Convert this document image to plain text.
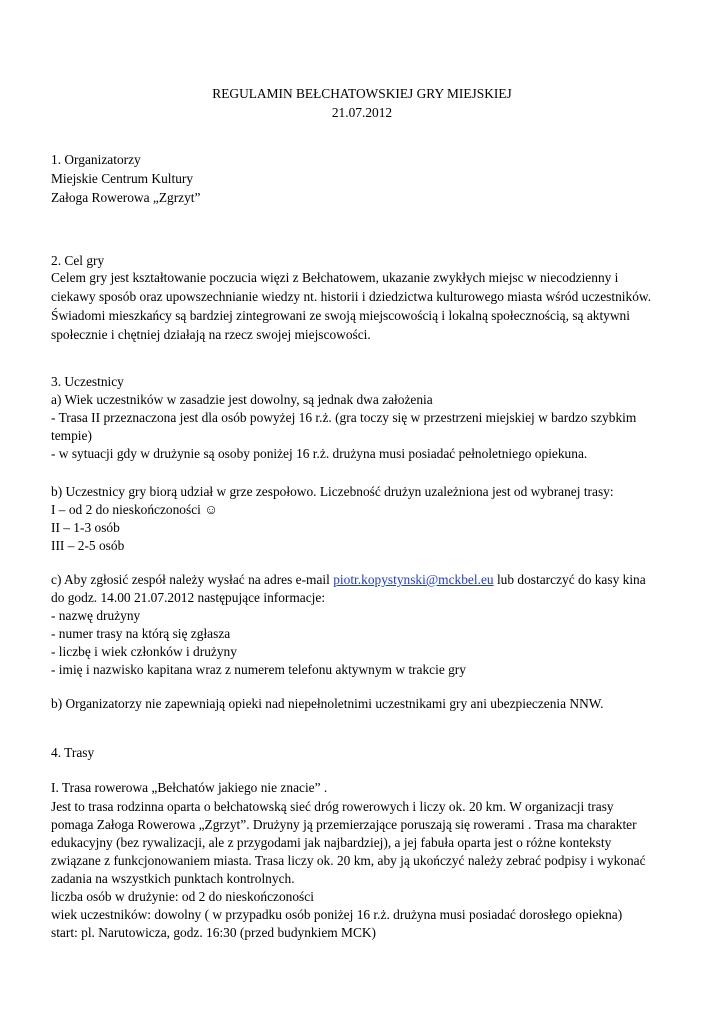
REGULAMIN BEŁCHATOWSKIEJ GRY MIEJSKIEJ
21.07.2012
1. Organizatorzy
Miejskie Centrum Kultury
Załoga Rowerowa „Zgrzyt”
2. Cel gry
Celem gry jest kształtowanie poczucia więzi z Bełchatowem, ukazanie zwykłych miejsc w niecodzienny i
ciekawy sposób oraz upowszechnianie wiedzy nt. historii i dziedzictwa kulturowego miasta wśród uczestników.
Świadomi mieszkańcy są bardziej zintegrowani ze swoją miejscowością i lokalną społecznością, są aktywni
społecznie i chętniej działają na rzecz swojej miejscowości.
3. Uczestnicy
a) Wiek uczestników w zasadzie jest dowolny, są jednak dwa założenia
- Trasa II przeznaczona jest dla osób powyżej 16 r.ż. (gra toczy się w przestrzeni miejskiej w bardzo szybkim
tempie)
- w sytuacji gdy w drużynie są osoby poniżej 16 r.ż. drużyna musi posiadać pełnoletniego opiekuna.
b) Uczestnicy gry biorą udział w grze zespołowo. Liczebność drużyn uzależniona jest od wybranej trasy:
I – od 2 do nieskończoności ☺
II – 1-3 osób
III – 2-5 osób
c) Aby zgłosić zespół należy wysłać na adres e-mail piotr.kopystynski@mckbel.eu lub dostarczyć do kasy kina
do godz. 14.00 21.07.2012 następujące informacje:
- nazwę drużyny
- numer trasy na którą się zgłasza
- liczbę i wiek członków i drużyny
- imię i nazwisko kapitana wraz z numerem telefonu aktywnym w trakcie gry
b) Organizatorzy nie zapewniają opieki nad niepełnoletnimi uczestnikami gry ani ubezpieczenia NNW.
4. Trasy
I. Trasa rowerowa „Bełchatów jakiego nie znacie” .
Jest to trasa rodzinna oparta o bełchatowską sieć dróg rowerowych i liczy ok. 20 km. W organizacji trasy
pomaga Załoga Rowerowa „Zgrzyt”. Drużyny ją przemierzające poruszają się rowerami . Trasa ma charakter
edukacyjny (bez rywalizacji, ale z przygodami jak najbardziej), a jej fabuła oparta jest o różne konteksty
związane z funkcjonowaniem miasta. Trasa liczy ok. 20 km, aby ją ukończyć należy zebrać podpisy i wykonać
zadania na wszystkich punktach kontrolnych.
liczba osób w drużynie: od 2 do nieskończoności
wiek uczestników: dowolny ( w przypadku osób poniżej 16 r.ż. drużyna musi posiadać dorosłego opiekna)
start: pl. Narutowicza, godz. 16:30 (przed budynkiem MCK)
